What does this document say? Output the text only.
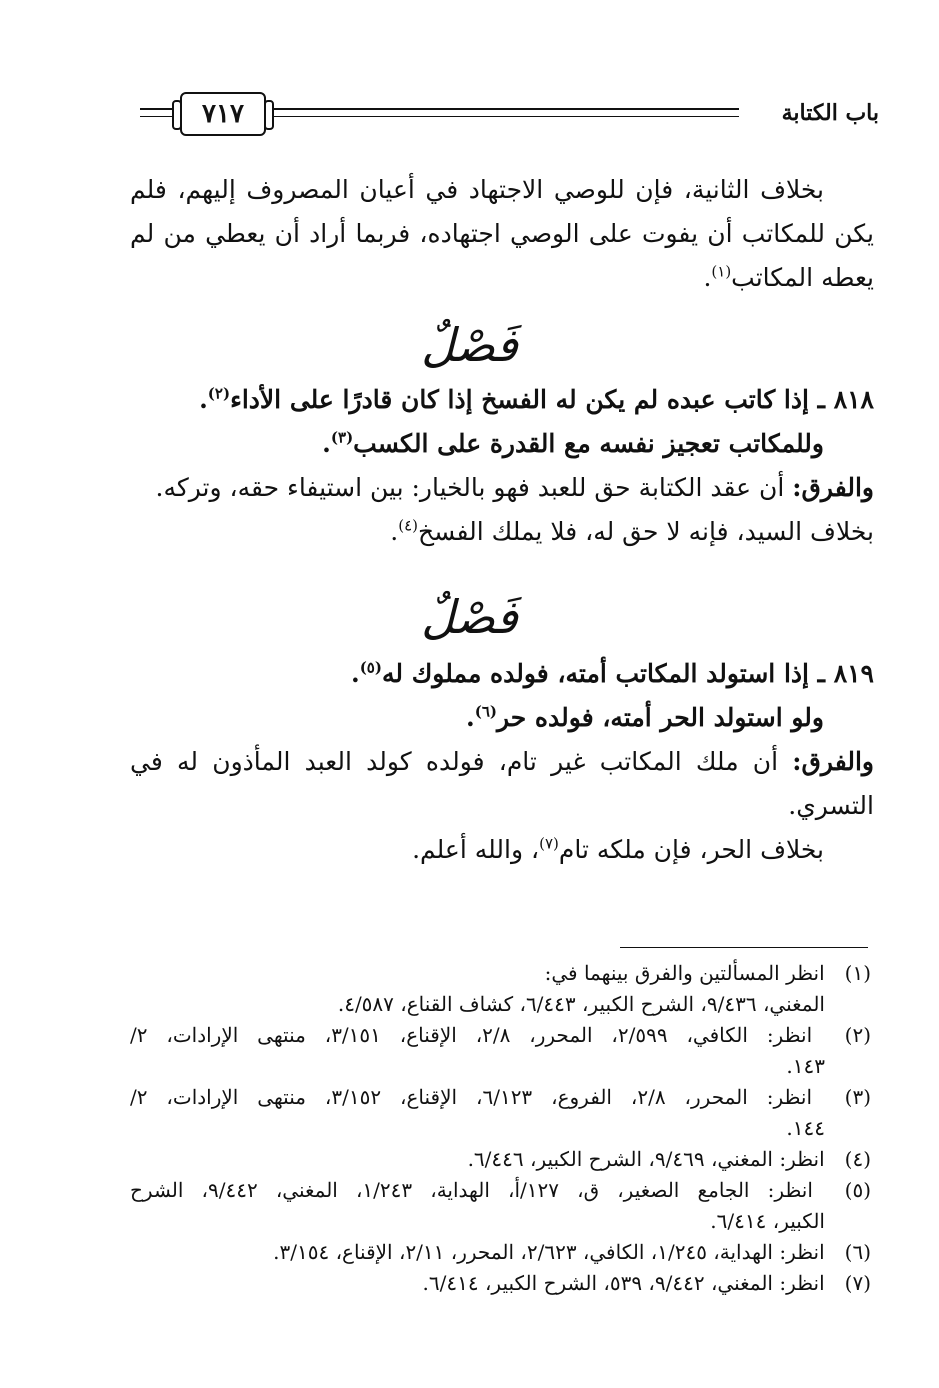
٧١٧	باب الكتابة
بخلاف الثانية، فإن للوصي الاجتهاد في أعيان المصروف إليهم، فلم
يكن للمكاتب أن يفوت على الوصي اجتهاده، فربما أراد أن يعطي من لم
يعطه المكاتب$^{(١)}$.
فَصْلٌ
٨١٨ ـ إذا كاتب عبده لم يكن له الفسخ إذا كان قادرًا على الأداء$^{(٢)}$.
وللمكاتب تعجيز نفسه مع القدرة على الكسب$^{(٣)}$.
والفرق: أن عقد الكتابة حق للعبد فهو بالخيار: بين استيفاء حقه، وتركه.
بخلاف السيد، فإنه لا حق له، فلا يملك الفسخ$^{(٤)}$.
فَصْلٌ
٨١٩ ـ إذا استولد المكاتب أمته، فولده مملوك له$^{(٥)}$.
ولو استولد الحر أمته، فولده حر$^{(٦)}$.
والفرق: أن ملك المكاتب غير تام، فولده كولد العبد المأذون له في
التسري.
بخلاف الحر، فإن ملكه تام$^{(٧)}$، والله أعلم.
(١) انظر المسألتين والفرق بينهما في:
المغني، ٩/٤٣٦، الشرح الكبير، ٦/٤٤٣، كشاف القناع، ٤/٥٨٧.
(٢) انظر: الكافي، ٢/٥٩٩، المحرر، ٢/٨، الإقناع، ٣/١٥١، منتهى الإرادات، ٢/
١٤٣.
(٣) انظر: المحرر، ٢/٨، الفروع، ٦/١٢٣، الإقناع، ٣/١٥٢، منتهى الإرادات، ٢/
١٤٤.
(٤) انظر: المغني، ٩/٤٦٩، الشرح الكبير، ٦/٤٤٦.
(٥) انظر: الجامع الصغير، ق، ١٢٧/أ، الهداية، ١/٢٤٣، المغني، ٩/٤٤٢، الشرح
الكبير، ٦/٤١٤.
(٦) انظر: الهداية، ١/٢٤٥، الكافي، ٢/٦٢٣، المحرر، ٢/١١، الإقناع، ٣/١٥٤.
(٧) انظر: المغني، ٩/٤٤٢، ٥٣٩، الشرح الكبير، ٦/٤١٤.
